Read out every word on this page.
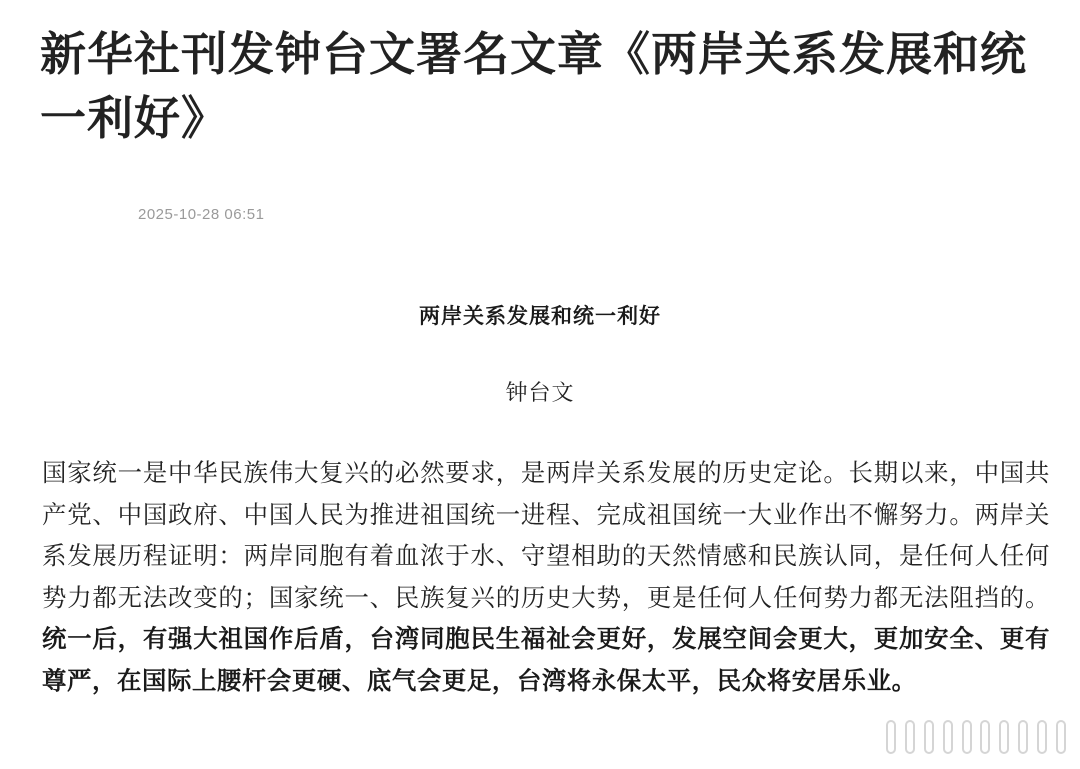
新华社刊发钟台文署名文章《两岸关系发展和统一利好》
2025-10-28 06:51
两岸关系发展和统一利好
钟台文

国家统一是中华民族伟大复兴的必然要求，是两岸关系发展的历史定论。长期以来，中国共产党、中国政府、中国人民为推进祖国统一进程、完成祖国统一大业作出不懈努力。两岸关系发展历程证明：两岸同胞有着血浓于水、守望相助的天然情感和民族认同，是任何人任何势力都无法改变的；国家统一、民族复兴的历史大势，更是任何人任何势力都无法阻挡的。统一后，有强大祖国作后盾，台湾同胞民生福祉会更好，发展空间会更大，更加安全、更有尊严，在国际上腰杆会更硬、底气会更足，台湾将永保太平，民众将安居乐业。
